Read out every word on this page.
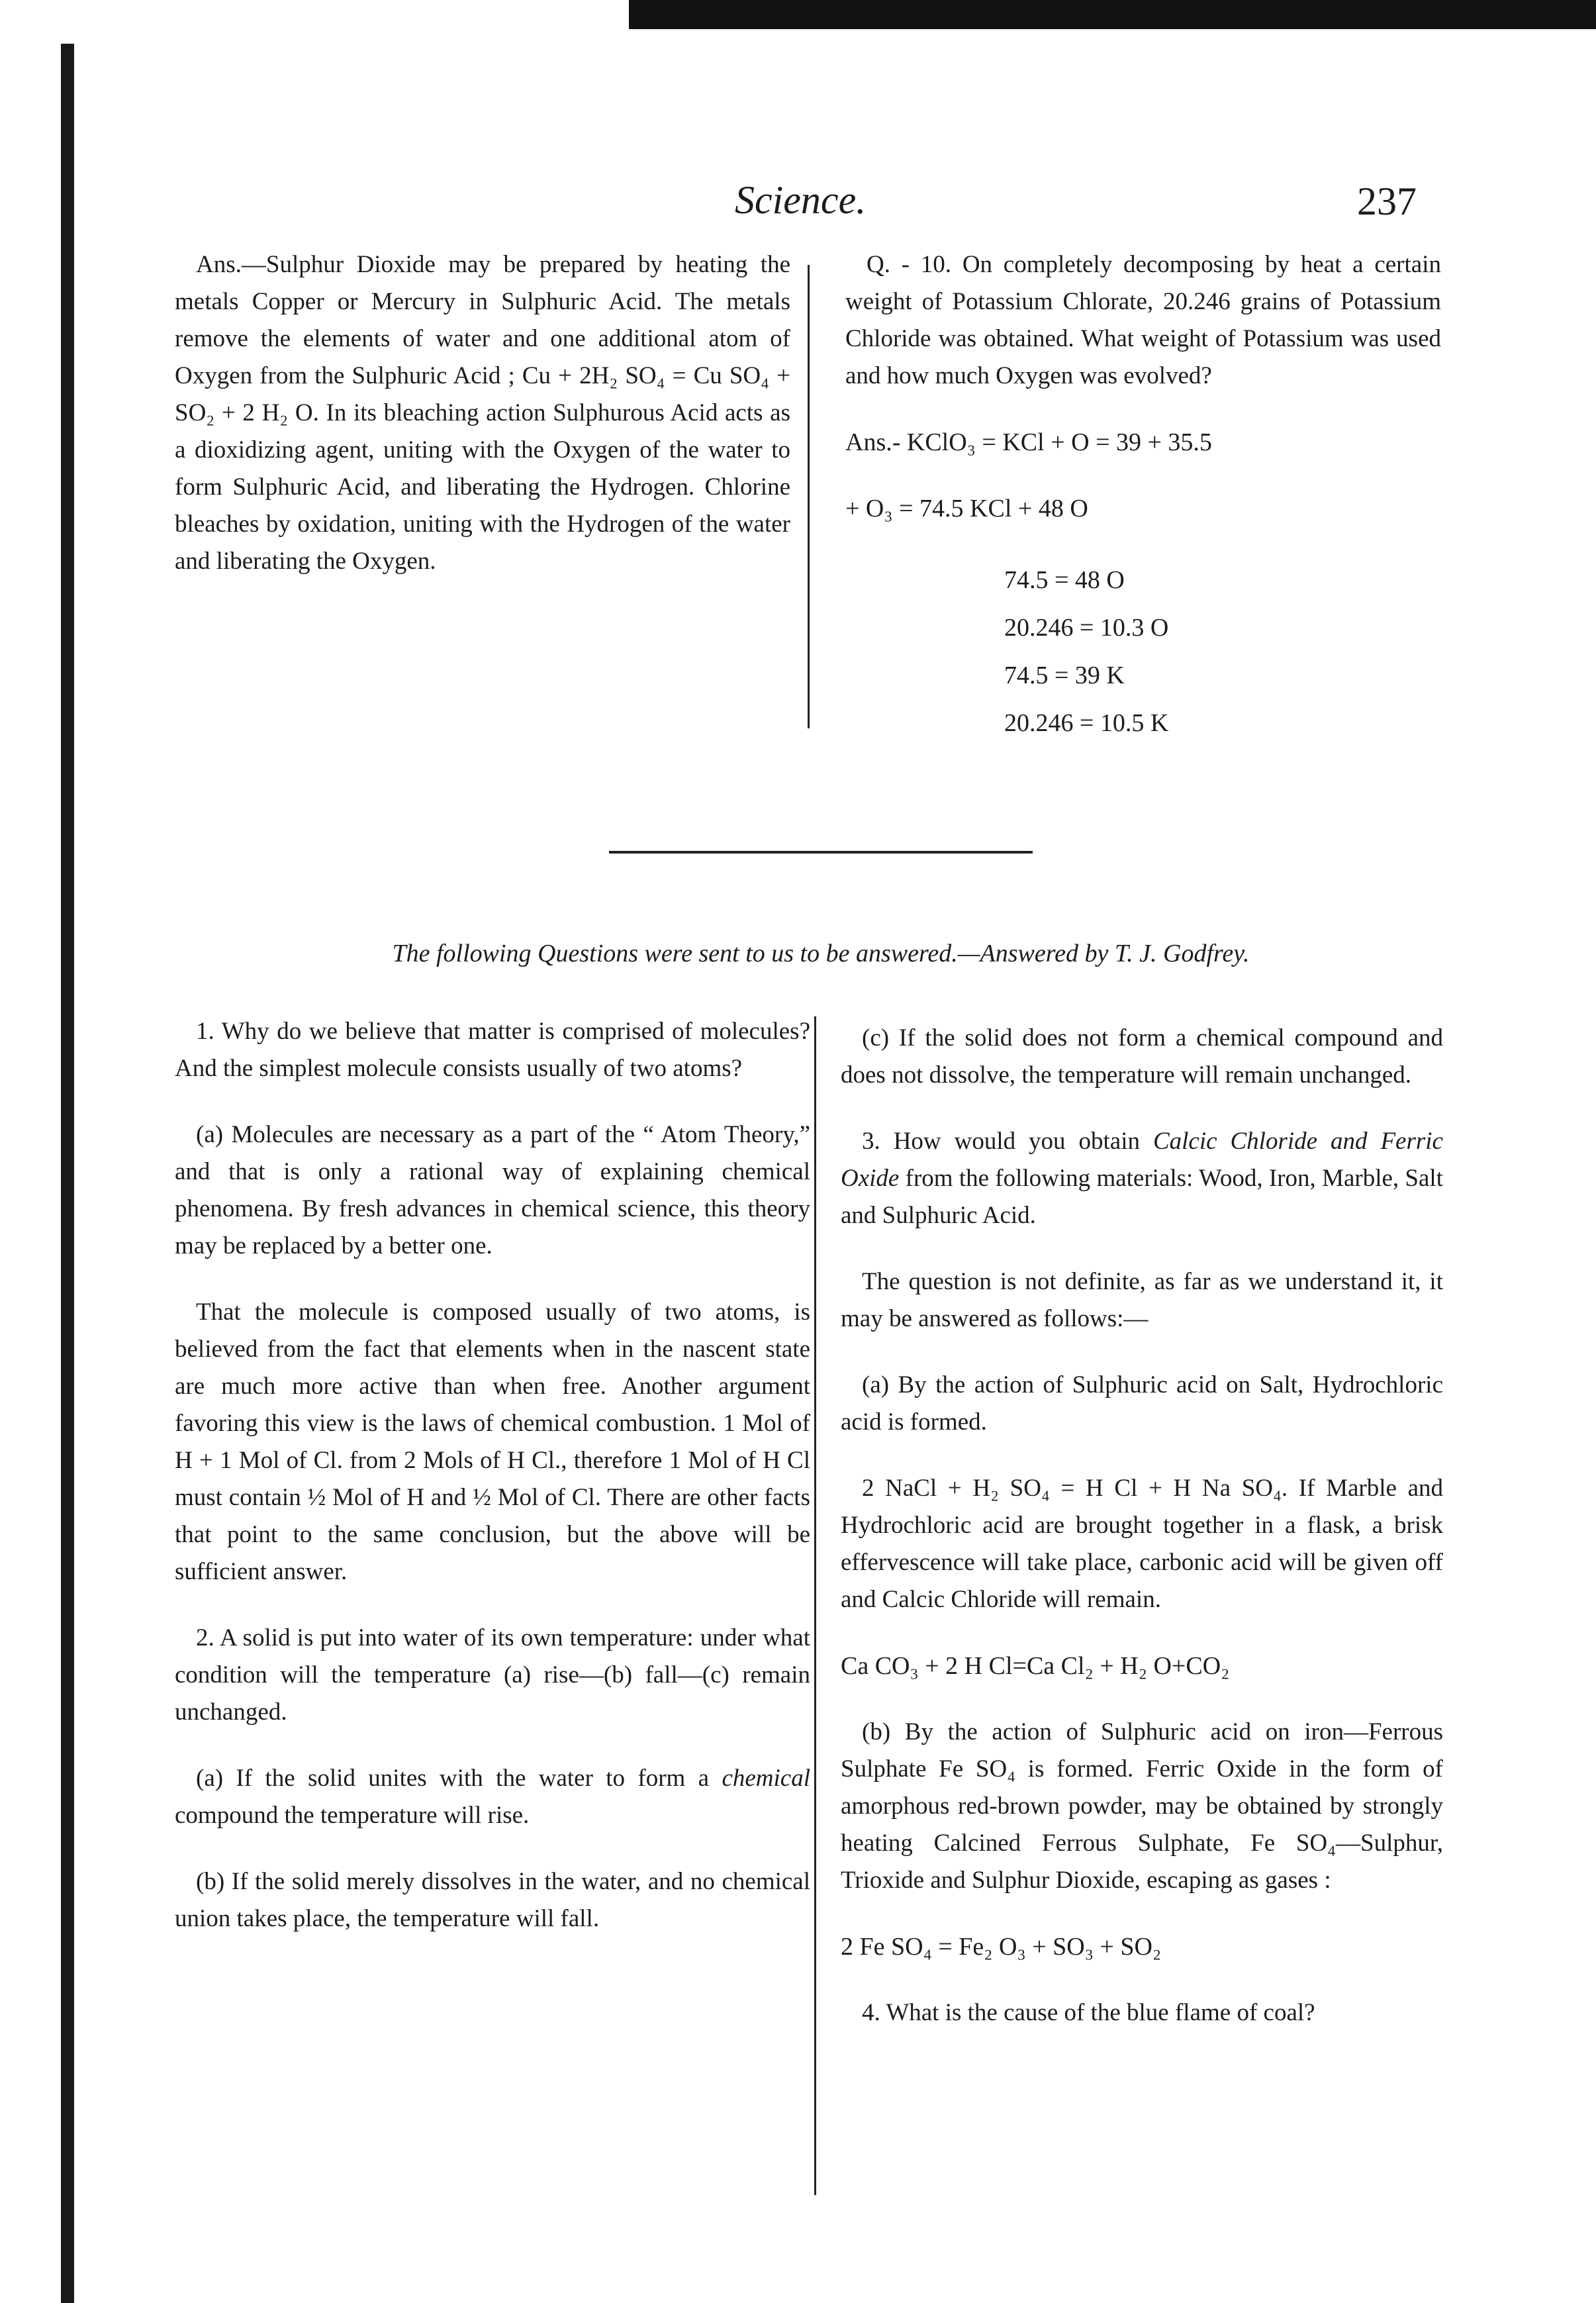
Science.	237

Ans.—Sulphur Dioxide may be prepared by heating the metals Copper or Mercury in Sulphuric Acid. The metals remove the elements of water and one additional atom of Oxygen from the Sulphuric Acid ; Cu + 2H₂ SO₄ = Cu SO₄ + SO₂ + 2 H₂ O. In its bleaching action Sulphurous Acid acts as a dioxidizing agent, uniting with the Oxygen of the water to form Sulphuric Acid, and liberating the Hydrogen. Chlorine bleaches by oxidation, uniting with the Hydrogen of the water and liberating the Oxygen.

Q. - 10. On completely decomposing by heat a certain weight of Potassium Chlorate, 20.246 grains of Potassium Chloride was obtained. What weight of Potassium was used and how much Oxygen was evolved?

Ans.- KClO₃ = KCl + O = 39 + 35.5

+ O₃ = 74.5 KCl + 48 O

74.5 = 48 O
20.246 = 10.3 O
74.5 = 39 K
20.246 = 10.5 K
The following Questions were sent to us to be answered.—Answered by T. J. Godfrey.

1. Why do we believe that matter is comprised of molecules? And the simplest molecule consists usually of two atoms?

(a) Molecules are necessary as a part of the “ Atom Theory,” and that is only a rational way of explaining chemical phenomena. By fresh advances in chemical science, this theory may be replaced by a better one.

That the molecule is composed usually of two atoms, is believed from the fact that elements when in the nascent state are much more active than when free. Another argument favoring this view is the laws of chemical combustion. 1 Mol of H + 1 Mol of Cl. from 2 Mols of H Cl., therefore 1 Mol of H Cl must contain ½ Mol of H and ½ Mol of Cl. There are other facts that point to the same conclusion, but the above will be sufficient answer.

2. A solid is put into water of its own temperature: under what condition will the temperature (a) rise—(b) fall—(c) remain unchanged.

(a) If the solid unites with the water to form a chemical compound the temperature will rise.

(b) If the solid merely dissolves in the water, and no chemical union takes place, the temperature will fall.

(c) If the solid does not form a chemical compound and does not dissolve, the temperature will remain unchanged.

3. How would you obtain Calcic Chloride and Ferric Oxide from the following materials: Wood, Iron, Marble, Salt and Sulphuric Acid.

The question is not definite, as far as we understand it, it may be answered as follows:—

(a) By the action of Sulphuric acid on Salt, Hydrochloric acid is formed.

2 NaCl + H₂ SO₄ = H Cl + H Na SO₄. If Marble and Hydrochloric acid are brought together in a flask, a brisk effervescence will take place, carbonic acid will be given off and Calcic Chloride will remain.

Ca CO₃ + 2 H Cl=Ca Cl₂ + H₂ O+CO₂

(b) By the action of Sulphuric acid on iron—Ferrous Sulphate Fe SO₄ is formed. Ferric Oxide in the form of amorphous red-brown powder, may be obtained by strongly heating Calcined Ferrous Sulphate, Fe SO₄—Sulphur, Trioxide and Sulphur Dioxide, escaping as gases :

2 Fe SO₄ = Fe₂ O₃ + SO₃ + SO₂

4. What is the cause of the blue flame of coal?
